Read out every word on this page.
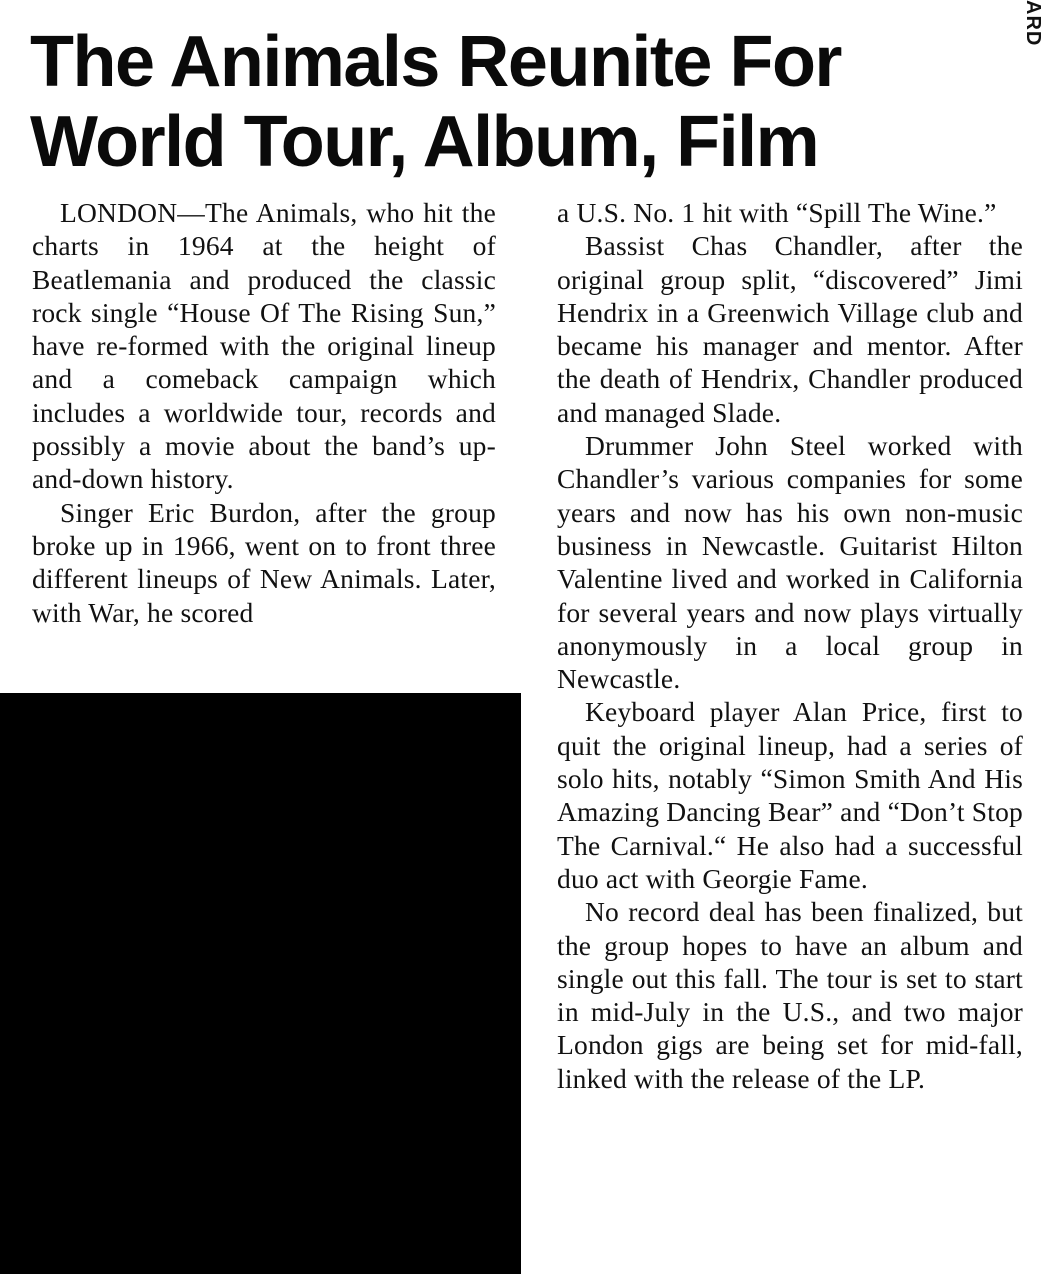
ARD
The Animals Reunite For
World Tour, Album, Film

LONDON—The Animals, who hit the charts in 1964 at the height of Beatlemania and produced the classic rock single “House Of The Rising Sun,” have re-formed with the original lineup and a comeback campaign which includes a worldwide tour, records and possibly a movie about the band’s up-and-down history.

Singer Eric Burdon, after the group broke up in 1966, went on to front three different lineups of New Animals. Later, with War, he scored

a U.S. No. 1 hit with “Spill The Wine.”

Bassist Chas Chandler, after the original group split, “discovered” Jimi Hendrix in a Greenwich Village club and became his manager and mentor. After the death of Hendrix, Chandler produced and managed Slade.

Drummer John Steel worked with Chandler’s various companies for some years and now has his own non-music business in Newcastle. Guitarist Hilton Valentine lived and worked in California for several years and now plays virtually anonymously in a local group in Newcastle.

Keyboard player Alan Price, first to quit the original lineup, had a series of solo hits, notably “Simon Smith And His Amazing Dancing Bear” and “Don’t Stop The Carnival.“ He also had a successful duo act with Georgie Fame.

No record deal has been finalized, but the group hopes to have an album and single out this fall. The tour is set to start in mid-July in the U.S., and two major London gigs are being set for mid-fall, linked with the release of the LP.
